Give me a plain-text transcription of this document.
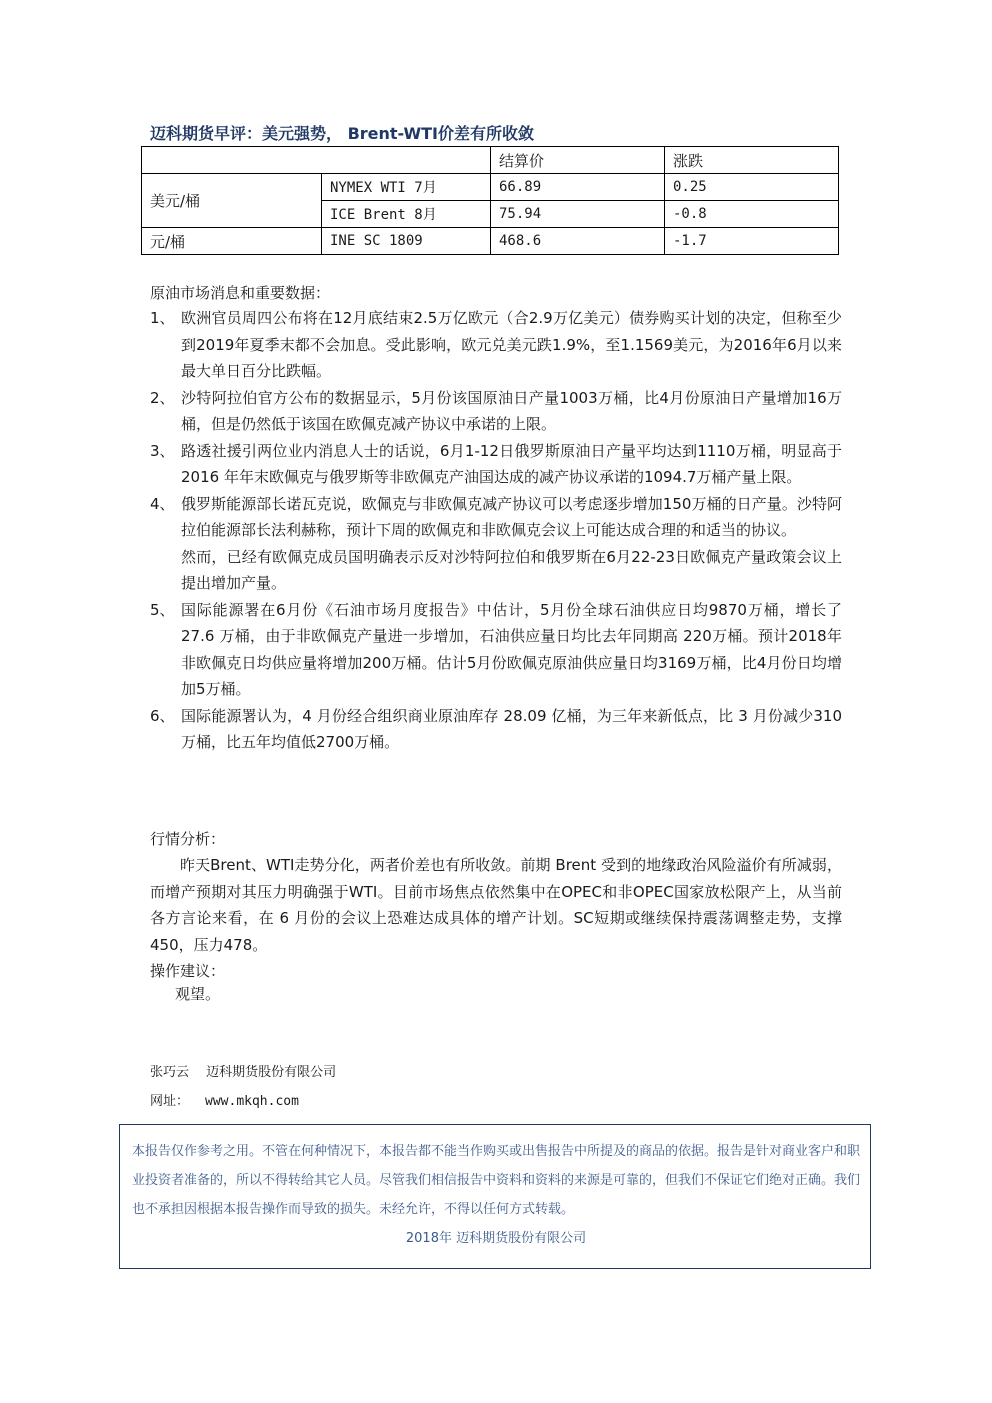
迈科期货早评：美元强势， Brent-WTI价差有所收敛
		结算价	涨跌
美元/桶	NYMEX WTI 7月	66.89	0.25
	ICE Brent 8月	75.94	-0.8
元/桶	INE SC 1809	468.6	-1.7
原油市场消息和重要数据：
1、 欧洲官员周四公布将在12月底结束2.5万亿欧元（合2.9万亿美元）债券购买计划的决定，但称至少到2019年夏季末都不会加息。受此影响，欧元兑美元跌1.9%，至1.1569美元，为2016年6月以来最大单日百分比跌幅。
2、 沙特阿拉伯官方公布的数据显示，5月份该国原油日产量1003万桶，比4月份原油日产量增加16万桶，但是仍然低于该国在欧佩克减产协议中承诺的上限。
3、 路透社援引两位业内消息人士的话说，6月1-12日俄罗斯原油日产量平均达到1110万桶，明显高于 2016 年年末欧佩克与俄罗斯等非欧佩克产油国达成的减产协议承诺的1094.7万桶产量上限。
4、 俄罗斯能源部长诺瓦克说，欧佩克与非欧佩克减产协议可以考虑逐步增加150万桶的日产量。沙特阿拉伯能源部长法利赫称，预计下周的欧佩克和非欧佩克会议上可能达成合理的和适当的协议。
然而，已经有欧佩克成员国明确表示反对沙特阿拉伯和俄罗斯在6月22-23日欧佩克产量政策会议上提出增加产量。
5、 国际能源署在6月份《石油市场月度报告》中估计，5月份全球石油供应日均9870万桶，增长了 27.6 万桶，由于非欧佩克产量进一步增加，石油供应量日均比去年同期高 220万桶。预计2018年非欧佩克日均供应量将增加200万桶。估计5月份欧佩克原油供应量日均3169万桶，比4月份日均增加5万桶。
6、 国际能源署认为，4 月份经合组织商业原油库存 28.09 亿桶，为三年来新低点，比 3 月份减少310万桶，比五年均值低2700万桶。
行情分析：
昨天Brent、WTI走势分化，两者价差也有所收敛。前期 Brent 受到的地缘政治风险溢价有所减弱，而增产预期对其压力明确强于WTI。目前市场焦点依然集中在OPEC和非OPEC国家放松限产上，从当前各方言论来看，在 6 月份的会议上恐难达成具体的增产计划。SC短期或继续保持震荡调整走势，支撑450，压力478。
操作建议：
观望。
张巧云　 迈科期货股份有限公司
网址： www.mkqh.com
本报告仅作参考之用。不管在何种情况下，本报告都不能当作购买或出售报告中所提及的商品的依据。报告是针对商业客户和职业投资者准备的，所以不得转给其它人员。尽管我们相信报告中资料和资料的来源是可靠的，但我们不保证它们绝对正确。我们也不承担因根据本报告操作而导致的损失。未经允许，不得以任何方式转载。
2018年 迈科期货股份有限公司
